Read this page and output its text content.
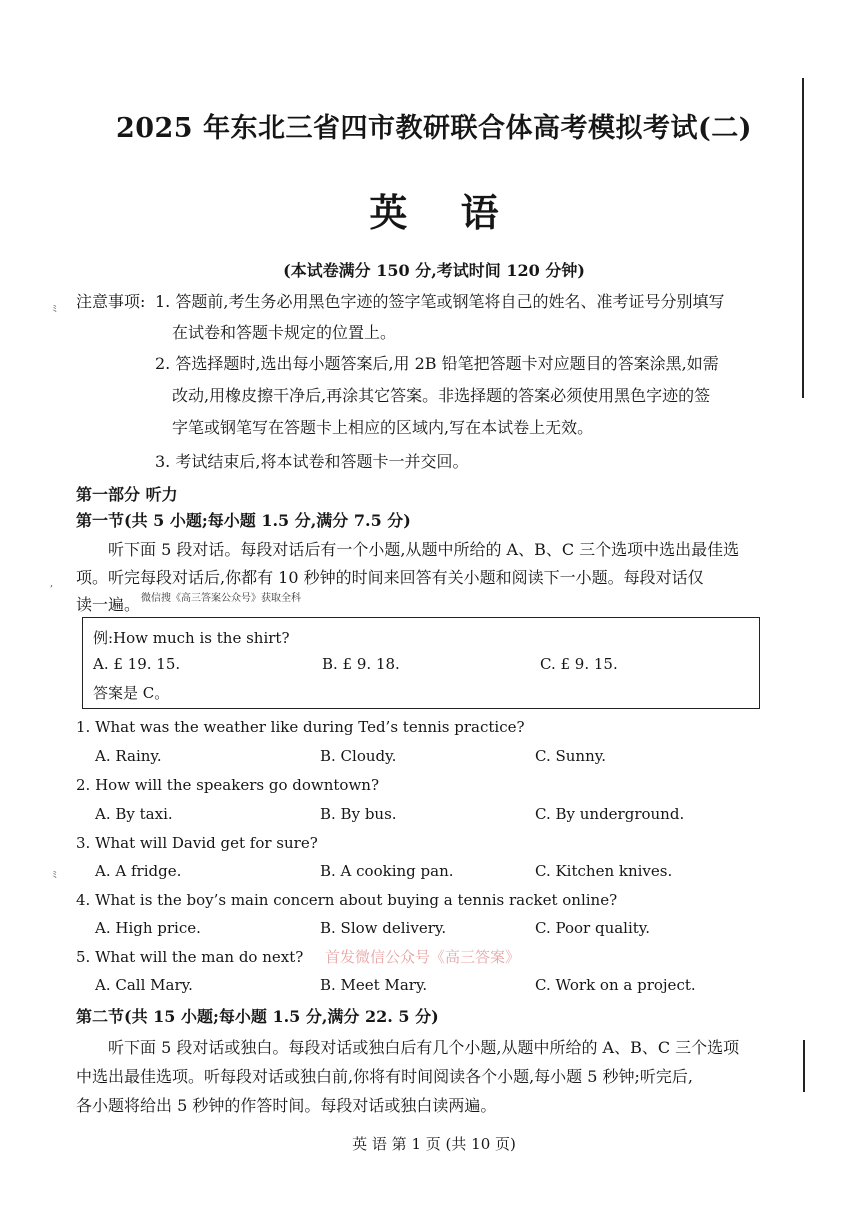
ﾐ
,
ﾐ
2025 年东北三省四市教研联合体高考模拟考试(二)
英 语
(本试卷满分 150 分,考试时间 120 分钟)
注意事项: 1. 答题前,考生务必用黑色字迹的签字笔或钢笔将自己的姓名、准考证号分别填写
在试卷和答题卡规定的位置上。
2. 答选择题时,选出每小题答案后,用 2B 铅笔把答题卡对应题目的答案涂黑,如需
改动,用橡皮擦干净后,再涂其它答案。非选择题的答案必须使用黑色字迹的签
字笔或钢笔写在答题卡上相应的区域内,写在本试卷上无效。
3. 考试结束后,将本试卷和答题卡一并交回。
第一部分 听力
第一节(共 5 小题;每小题 1.5 分,满分 7.5 分)
听下面 5 段对话。每段对话后有一个小题,从题中所给的 A、B、C 三个选项中选出最佳选
项。听完每段对话后,你都有 10 秒钟的时间来回答有关小题和阅读下一小题。每段对话仅
读一遍。 微信搜《高三答案公众号》获取全科
例:How much is the shirt?
A. £ 19. 15.	B. £ 9. 18.	C. £ 9. 15.
答案是 C。
1. What was the weather like during Ted’s tennis practice?
A. Rainy.	B. Cloudy.	C. Sunny.
2. How will the speakers go downtown?
A. By taxi.	B. By bus.	C. By underground.
3. What will David get for sure?
A. A fridge.	B. A cooking pan.	C. Kitchen knives.
4. What is the boy’s main concern about buying a tennis racket online?
A. High price.	B. Slow delivery.	C. Poor quality.
5. What will the man do next? 首发微信公众号《高三答案》
A. Call Mary.	B. Meet Mary.	C. Work on a project.
第二节(共 15 小题;每小题 1.5 分,满分 22. 5 分)
听下面 5 段对话或独白。每段对话或独白后有几个小题,从题中所给的 A、B、C 三个选项
中选出最佳选项。听每段对话或独白前,你将有时间阅读各个小题,每小题 5 秒钟;听完后,
各小题将给出 5 秒钟的作答时间。每段对话或独白读两遍。
英 语 第 1 页 (共 10 页)
